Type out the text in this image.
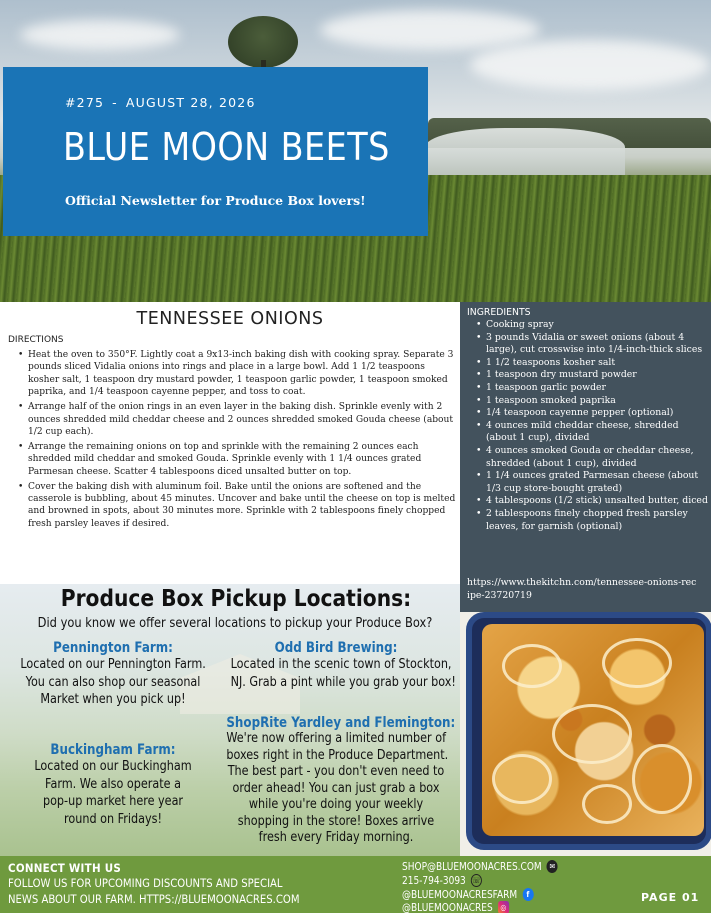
#275 - AUGUST 28, 2026
BLUE MOON BEETS
Official Newsletter for Produce Box lovers!
TENNESSEE ONIONS
DIRECTIONS
• Heat the oven to 350°F. Lightly coat a 9x13-inch baking dish with cooking spray. Separate 3 pounds sliced Vidalia onions into rings and place in a large bowl. Add 1 1/2 teaspoons kosher salt, 1 teaspoon dry mustard powder, 1 teaspoon garlic powder, 1 teaspoon smoked paprika, and 1/4 teaspoon cayenne pepper, and toss to coat.
• Arrange half of the onion rings in an even layer in the baking dish. Sprinkle evenly with 2 ounces shredded mild cheddar cheese and 2 ounces shredded smoked Gouda cheese (about 1/2 cup each).
• Arrange the remaining onions on top and sprinkle with the remaining 2 ounces each shredded mild cheddar and smoked Gouda. Sprinkle evenly with 1 1/4 ounces grated Parmesan cheese. Scatter 4 tablespoons diced unsalted butter on top.
• Cover the baking dish with aluminum foil. Bake until the onions are softened and the casserole is bubbling, about 45 minutes. Uncover and bake until the cheese on top is melted and browned in spots, about 30 minutes more. Sprinkle with 2 tablespoons finely chopped fresh parsley leaves if desired.
INGREDIENTS
• Cooking spray
• 3 pounds Vidalia or sweet onions (about 4 large), cut crosswise into 1/4-inch-thick slices
• 1 1/2 teaspoons kosher salt
• 1 teaspoon dry mustard powder
• 1 teaspoon garlic powder
• 1 teaspoon smoked paprika
• 1/4 teaspoon cayenne pepper (optional)
• 4 ounces mild cheddar cheese, shredded (about 1 cup), divided
• 4 ounces smoked Gouda or cheddar cheese, shredded (about 1 cup), divided
• 1 1/4 ounces grated Parmesan cheese (about 1/3 cup store-bought grated)
• 4 tablespoons (1/2 stick) unsalted butter, diced
• 2 tablespoons finely chopped fresh parsley leaves, for garnish (optional)
https://www.thekitchn.com/tennessee-onions-recipe-23720719
Produce Box Pickup Locations:
Did you know we offer several locations to pickup your Produce Box?
Pennington Farm:
Located on our Pennington Farm.
You can also shop our seasonal
Market when you pick up!
Odd Bird Brewing:
Located in the scenic town of Stockton,
NJ. Grab a pint while you grab your box!
Buckingham Farm:
Located on our Buckingham
Farm. We also operate a
pop-up market here year
round on Fridays!
ShopRite Yardley and Flemington:
We're now offering a limited number of
boxes right in the Produce Department.
The best part - you don't even need to
order ahead! You can just grab a box
while you're doing your weekly
shopping in the store! Boxes arrive
fresh every Friday morning.
CONNECT WITH US
FOLLOW US FOR UPCOMING DISCOUNTS AND SPECIAL
NEWS ABOUT OUR FARM. HTTPS://BLUEMOONACRES.COM
SHOP@BLUEMOONACRES.COM ✉
215-794-3093 ☏
@BLUEMOONACRESFARM	f
@BLUEMOONACRES ◎
PAGE 01
